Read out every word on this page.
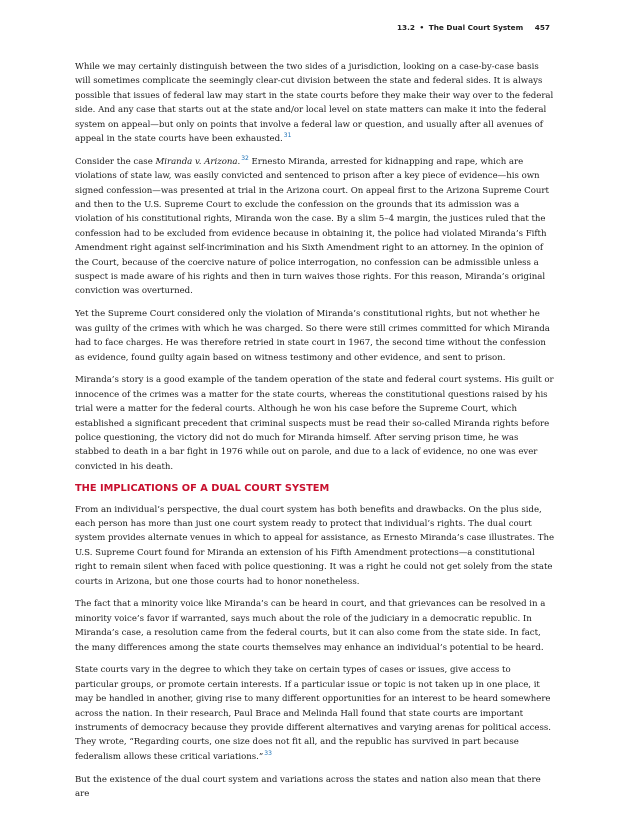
13.2 • The Dual Court System 457

While we may certainly distinguish between the two sides of a jurisdiction, looking on a case-by-case basis will sometimes complicate the seemingly clear-cut division between the state and federal sides. It is always possible that issues of federal law may start in the state courts before they make their way over to the federal side. And any case that starts out at the state and/or local level on state matters can make it into the federal system on appeal—but only on points that involve a federal law or question, and usually after all avenues of appeal in the state courts have been exhausted.$^{31}$

Consider the case Miranda v. Arizona.$^{32}$ Ernesto Miranda, arrested for kidnapping and rape, which are violations of state law, was easily convicted and sentenced to prison after a key piece of evidence—his own signed confession—was presented at trial in the Arizona court. On appeal first to the Arizona Supreme Court and then to the U.S. Supreme Court to exclude the confession on the grounds that its admission was a violation of his constitutional rights, Miranda won the case. By a slim 5–4 margin, the justices ruled that the confession had to be excluded from evidence because in obtaining it, the police had violated Miranda’s Fifth Amendment right against self-incrimination and his Sixth Amendment right to an attorney. In the opinion of the Court, because of the coercive nature of police interrogation, no confession can be admissible unless a suspect is made aware of his rights and then in turn waives those rights. For this reason, Miranda’s original conviction was overturned.

Yet the Supreme Court considered only the violation of Miranda’s constitutional rights, but not whether he was guilty of the crimes with which he was charged. So there were still crimes committed for which Miranda had to face charges. He was therefore retried in state court in 1967, the second time without the confession as evidence, found guilty again based on witness testimony and other evidence, and sent to prison.

Miranda’s story is a good example of the tandem operation of the state and federal court systems. His guilt or innocence of the crimes was a matter for the state courts, whereas the constitutional questions raised by his trial were a matter for the federal courts. Although he won his case before the Supreme Court, which established a significant precedent that criminal suspects must be read their so-called Miranda rights before police questioning, the victory did not do much for Miranda himself. After serving prison time, he was stabbed to death in a bar fight in 1976 while out on parole, and due to a lack of evidence, no one was ever convicted in his death.

THE IMPLICATIONS OF A DUAL COURT SYSTEM

From an individual’s perspective, the dual court system has both benefits and drawbacks. On the plus side, each person has more than just one court system ready to protect that individual’s rights. The dual court system provides alternate venues in which to appeal for assistance, as Ernesto Miranda’s case illustrates. The U.S. Supreme Court found for Miranda an extension of his Fifth Amendment protections—a constitutional right to remain silent when faced with police questioning. It was a right he could not get solely from the state courts in Arizona, but one those courts had to honor nonetheless.

The fact that a minority voice like Miranda’s can be heard in court, and that grievances can be resolved in a minority voice’s favor if warranted, says much about the role of the judiciary in a democratic republic. In Miranda’s case, a resolution came from the federal courts, but it can also come from the state side. In fact, the many differences among the state courts themselves may enhance an individual’s potential to be heard.

State courts vary in the degree to which they take on certain types of cases or issues, give access to particular groups, or promote certain interests. If a particular issue or topic is not taken up in one place, it may be handled in another, giving rise to many different opportunities for an interest to be heard somewhere across the nation. In their research, Paul Brace and Melinda Hall found that state courts are important instruments of democracy because they provide different alternatives and varying arenas for political access. They wrote, “Regarding courts, one size does not fit all, and the republic has survived in part because federalism allows these critical variations.”$^{33}$

But the existence of the dual court system and variations across the states and nation also mean that there are
